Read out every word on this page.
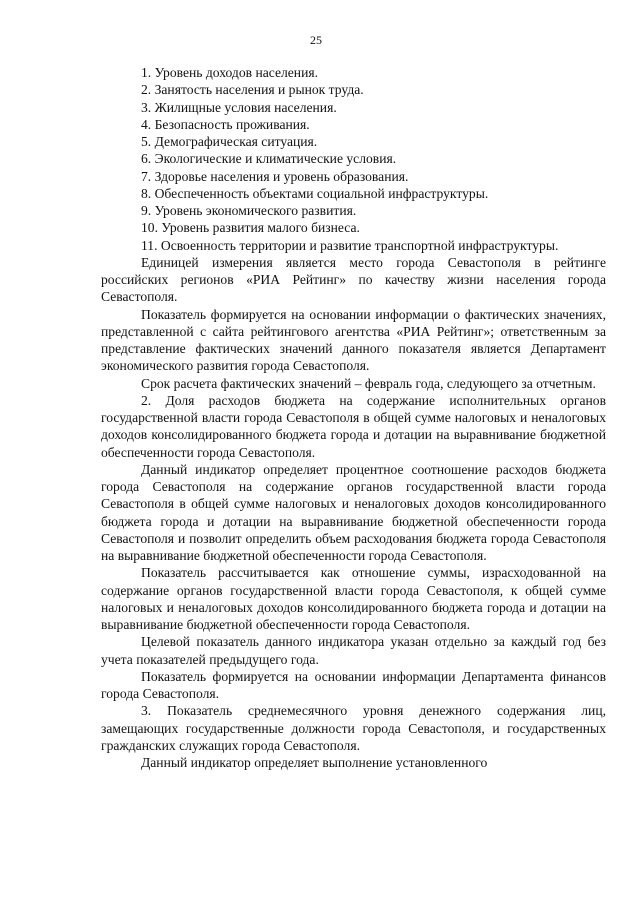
25
1. Уровень доходов населения.
2. Занятость населения и рынок труда.
3. Жилищные условия населения.
4. Безопасность проживания.
5. Демографическая ситуация.
6. Экологические и климатические условия.
7. Здоровье населения и уровень образования.
8. Обеспеченность объектами социальной инфраструктуры.
9. Уровень экономического развития.
10. Уровень развития малого бизнеса.
11. Освоенность территории и развитие транспортной инфраструктуры.
Единицей измерения является место города Севастополя в рейтинге российских регионов «РИА Рейтинг» по качеству жизни населения города Севастополя.
Показатель формируется на основании информации о фактических значениях, представленной с сайта рейтингового агентства «РИА Рейтинг»; ответственным за представление фактических значений данного показателя является Департамент экономического развития города Севастополя.
Срок расчета фактических значений – февраль года, следующего за отчетным.
2. Доля расходов бюджета на содержание исполнительных органов государственной власти города Севастополя в общей сумме налоговых и неналоговых доходов консолидированного бюджета города и дотации на выравнивание бюджетной обеспеченности города Севастополя.
Данный индикатор определяет процентное соотношение расходов бюджета города Севастополя на содержание органов государственной власти города Севастополя в общей сумме налоговых и неналоговых доходов консолидированного бюджета города и дотации на выравнивание бюджетной обеспеченности города Севастополя и позволит определить объем расходования бюджета города Севастополя на выравнивание бюджетной обеспеченности города Севастополя.
Показатель рассчитывается как отношение суммы, израсходованной на содержание органов государственной власти города Севастополя, к общей сумме налоговых и неналоговых доходов консолидированного бюджета города и дотации на выравнивание бюджетной обеспеченности города Севастополя.
Целевой показатель данного индикатора указан отдельно за каждый год без учета показателей предыдущего года.
Показатель формируется на основании информации Департамента финансов города Севастополя.
3. Показатель среднемесячного уровня денежного содержания лиц, замещающих государственные должности города Севастополя, и государственных гражданских служащих города Севастополя.
Данный индикатор определяет выполнение установленного
